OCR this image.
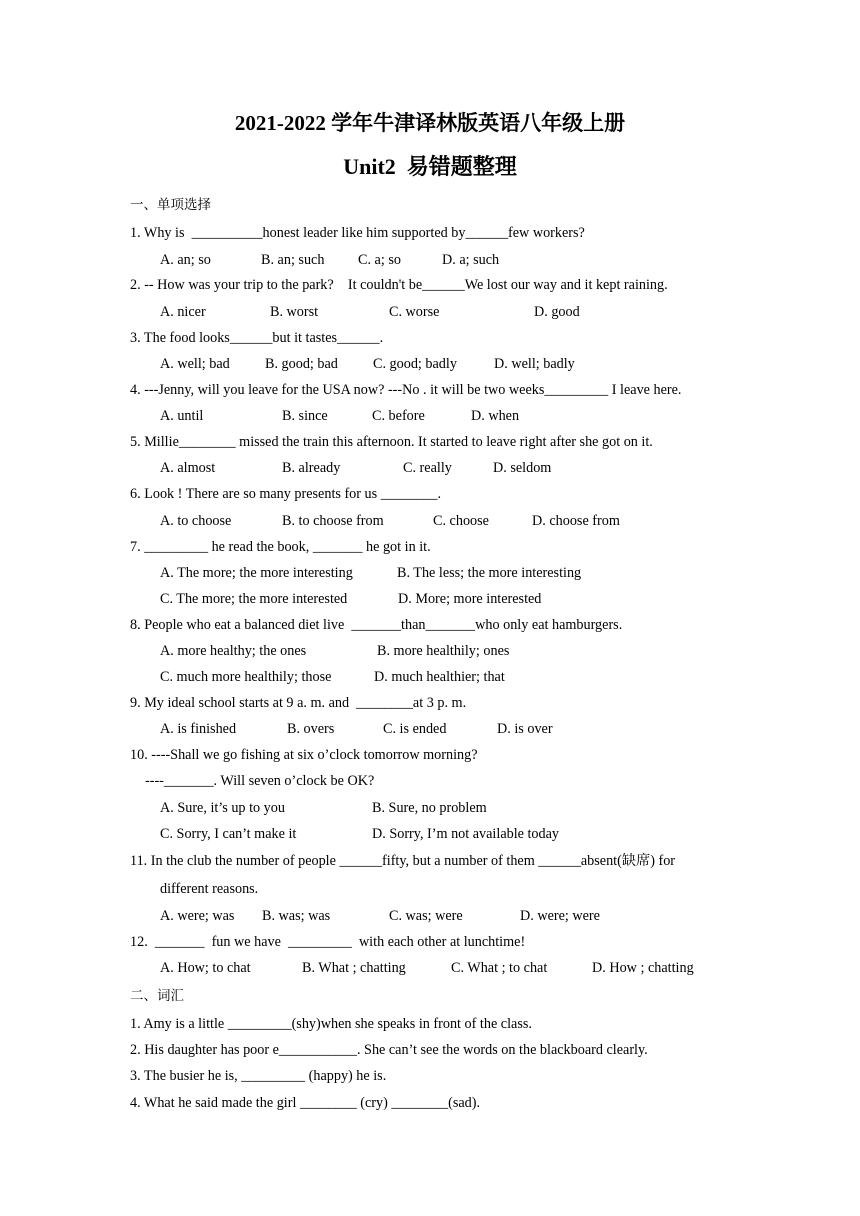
2021-2022 学年牛津译林版英语八年级上册
Unit2  易错题整理
一、单项选择
1. Why is  __________honest leader like him supported by______few workers?

A. an; so

	B. an; such

C. a; so

	D. a; such

2. -- How was your trip to the park?    It couldn't be______We lost our way and it kept raining.

A. nicer

	B. worst

	C. worse

	D. good

3. The food looks______but it tastes______.

A. well; bad

B. good; bad

C. good; badly

	D. well; badly

4. ---Jenny, will you leave for the USA now? ---No . it will be two weeks_________ I leave here.

A. until

	B. since

	C. before

	D. when

5. Millie________ missed the train this afternoon. It started to leave right after she got on it.

A. almost

	B. already

	C. really

	D. seldom

6. Look ! There are so many presents for us ________.

A. to choose

	B. to choose from

	C. choose

	D. choose from

7. _________ he read the book, _______ he got in it.

A. The more; the more interesting

	B. The less; the more interesting

C. The more; the more interested

	D. More; more interested

8. People who eat a balanced diet live  _______than_______who only eat hamburgers.

A. more healthy; the ones

	B. more healthily; ones

C. much more healthily; those

	D. much healthier; that

9. My ideal school starts at 9 a. m. and  ________at 3 p. m.

A. is finished

	B. overs

	C. is ended

	D. is over

10. ----Shall we go fishing at six o’clock tomorrow morning?
----_______. Will seven o’clock be OK?

A. Sure, it’s up to you

	B. Sure, no problem

C. Sorry, I can’t make it

	D. Sorry, I’m not available today

11. In the club the number of people ______fifty, but a number of them ______absent(缺席) for
different reasons.

A. were; was

B. was; was

	C. was; were

	D. were; were

12.  _______  fun we have  _________  with each other at lunchtime!

A. How; to chat

	B. What ; chatting

	C. What ; to chat

	D. How ; chatting

二、词汇
1. Amy is a little _________(shy)when she speaks in front of the class.
2. His daughter has poor e___________. She can’t see the words on the blackboard clearly.
3. The busier he is, _________ (happy) he is.
4. What he said made the girl ________ (cry) ________(sad).
